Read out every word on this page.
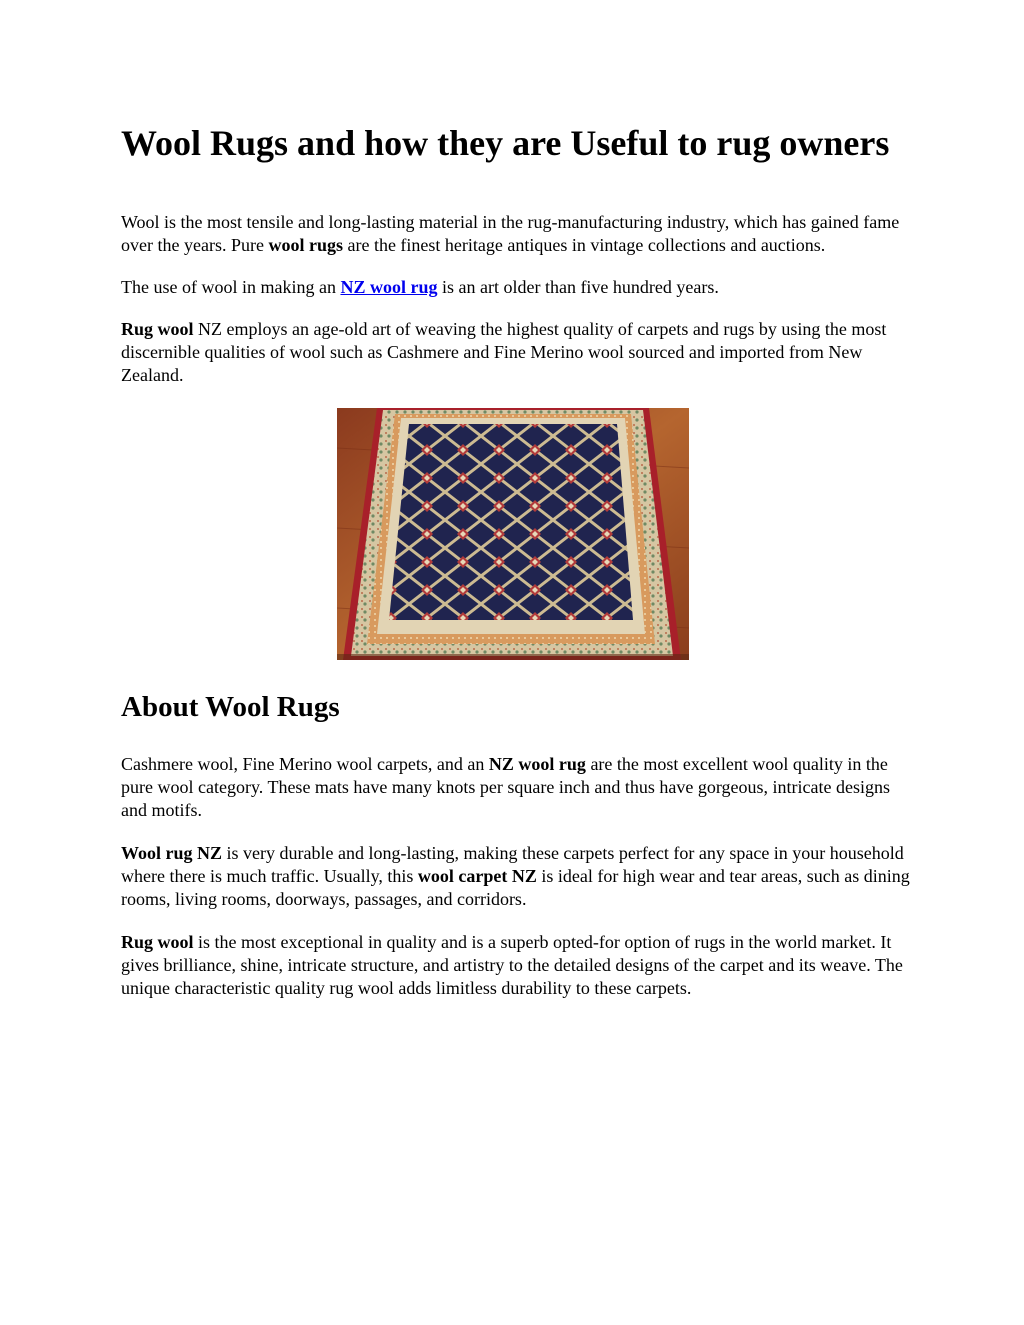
Wool Rugs and how they are Useful to rug owners

Wool is the most tensile and long-lasting material in the rug-manufacturing industry, which has gained fame over the years. Pure wool rugs are the finest heritage antiques in vintage collections and auctions.

The use of wool in making an NZ wool rug is an art older than five hundred years.

Rug wool NZ employs an age-old art of weaving the highest quality of carpets and rugs by using the most discernible qualities of wool such as Cashmere and Fine Merino wool sourced and imported from New Zealand.

About Wool Rugs

Cashmere wool, Fine Merino wool carpets, and an NZ wool rug are the most excellent wool quality in the pure wool category. These mats have many knots per square inch and thus have gorgeous, intricate designs and motifs.

Wool rug NZ is very durable and long-lasting, making these carpets perfect for any space in your household where there is much traffic. Usually, this wool carpet NZ is ideal for high wear and tear areas, such as dining rooms, living rooms, doorways, passages, and corridors.

Rug wool is the most exceptional in quality and is a superb opted-for option of rugs in the world market. It gives brilliance, shine, intricate structure, and artistry to the detailed designs of the carpet and its weave. The unique characteristic quality rug wool adds limitless durability to these carpets.
